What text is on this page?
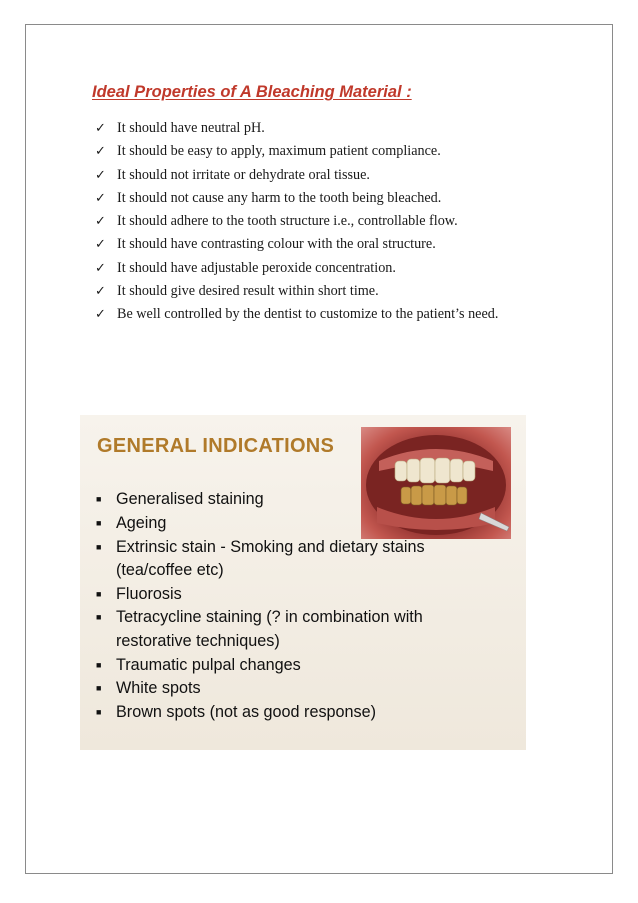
Ideal Properties of A Bleaching Material :
✓ It should have neutral pH.
✓ It should be easy to apply, maximum patient compliance.
✓ It should not irritate or dehydrate oral tissue.
✓ It should not cause any harm to the tooth being bleached.
✓ It should adhere to the tooth structure i.e., controllable flow.
✓ It should have contrasting colour with the oral structure.
✓ It should have adjustable peroxide concentration.
✓ It should give desired result within short time.
✓ Be well controlled by the dentist to customize to the patient’s need.
GENERAL INDICATIONS
■ Generalised staining
■ Ageing
■ Extrinsic stain - Smoking and dietary stains (tea/coffee etc)
■ Fluorosis
■ Tetracycline staining (? in combination with restorative techniques)
■ Traumatic pulpal changes
■ White spots
■ Brown spots (not as good response)
